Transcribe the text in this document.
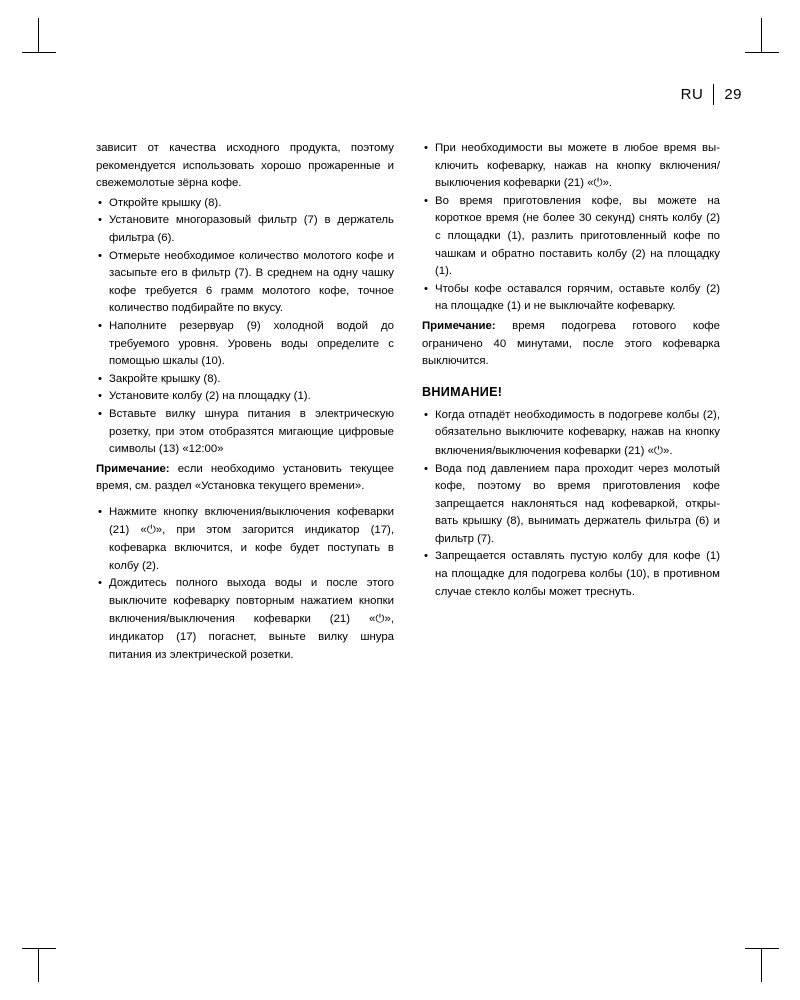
RU 29

зависит от качества исходного продукта, поэтому рекомендуется использовать хорошо прожаренные и свежемолотые зёрна кофе.

• Откройте крышку (8).
• Установите многоразовый фильтр (7) в держатель фильтра (6).
• Отмерьте необходимое количество молотого кофе и засыпьте его в фильтр (7). В среднем на одну чашку кофе требуется 6 грамм молотого кофе, точное количество подбирайте по вкусу.
• Наполните резервуар (9) холодной водой до требуемого уровня. Уровень воды определите с помощью шкалы (10).
• Закройте крышку (8).
• Установите колбу (2) на площадку (1).
• Вставьте вилку шнура питания в электрическую розетку, при этом отобразятся мигающие цифровые символы (13) «12:00»

Примечание: если необходимо установить текущее время, см. раздел «Установка текущего времени».

• Нажмите кнопку включения/выключения кофеварки (21) «⏻», при этом загорится индикатор (17), кофеварка включится, и кофе будет поступать в колбу (2).
• Дождитесь полного выхода воды и после этого выключите кофеварку повторным нажатием кнопки включения/выключения кофеварки (21) «⏻», индикатор (17) погаснет, выньте вилку шнура питания из электрической розетки.
• При необходимости вы можете в любое время выключить кофеварку, нажав на кнопку включения/выключения кофеварки (21) «⏻».
• Во время приготовления кофе, вы можете на короткое время (не более 30 секунд) снять колбу (2) с площадки (1), разлить приготовленный кофе по чашкам и обратно поставить колбу (2) на площадку (1).
• Чтобы кофе оставался горячим, оставьте колбу (2) на площадке (1) и не выключайте кофеварку.

Примечание: время подогрева готового кофе ограничено 40 минутами, после этого кофеварка выключится.

ВНИМАНИЕ!
• Когда отпадёт необходимость в подогреве колбы (2), обязательно выключите кофеварку, нажав на кнопку включения/выключения кофеварки (21) «⏻».
• Вода под давлением пара проходит через молотый кофе, поэтому во время приготовления кофе запрещается наклоняться над кофеваркой, открывать крышку (8), вынимать держатель фильтра (6) и фильтр (7).
• Запрещается оставлять пустую колбу для кофе (1) на площадке для подогрева колбы (10), в противном случае стекло колбы может треснуть.
